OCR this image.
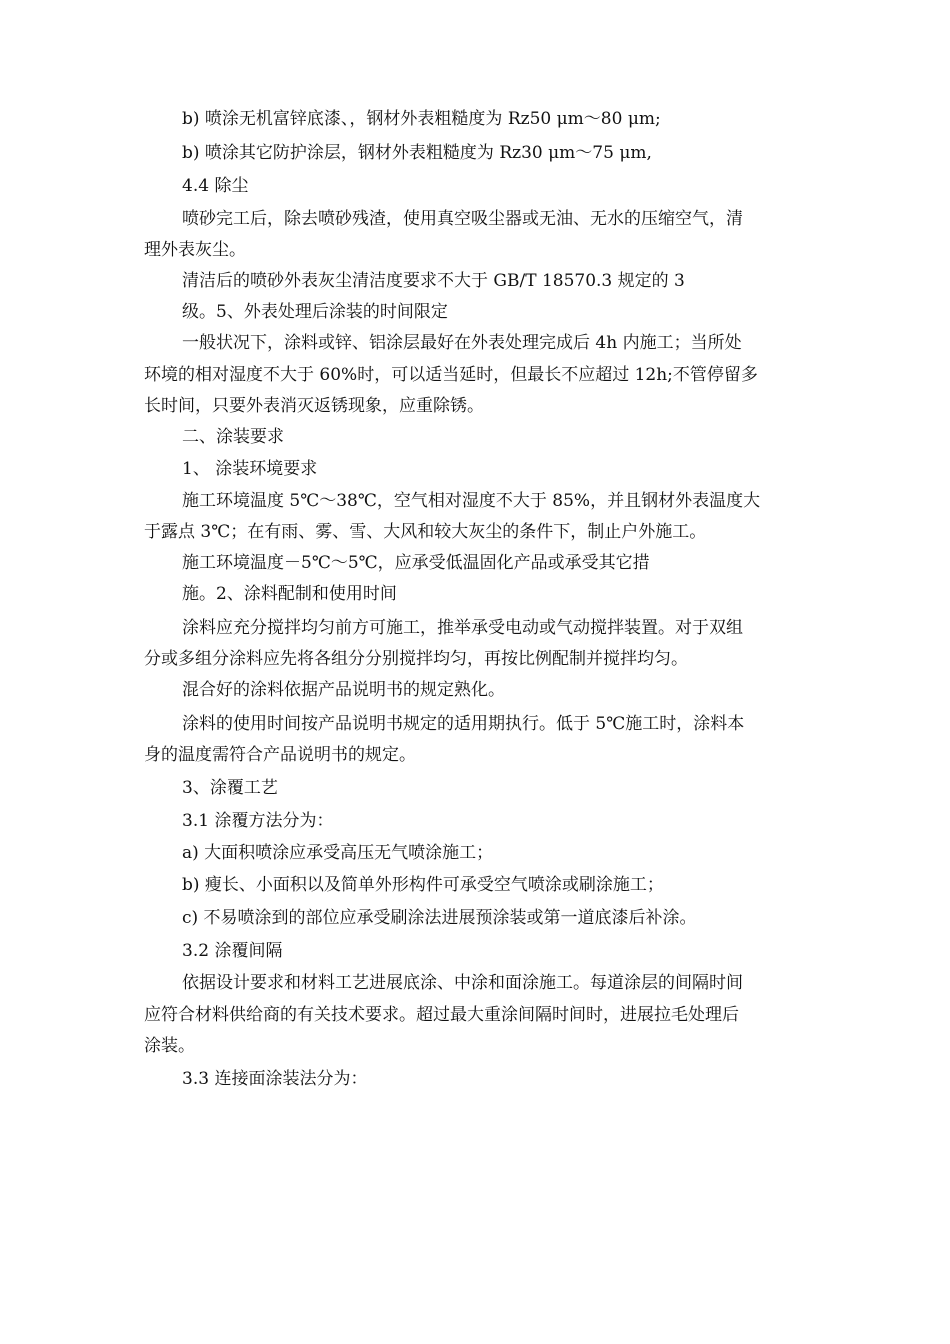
b) 喷涂无机富锌底漆、，钢材外表粗糙度为 Rz50 μm～80 μm;
b) 喷涂其它防护涂层，钢材外表粗糙度为 Rz30 μm～75 μm,
4.4 除尘
喷砂完工后，除去喷砂残渣，使用真空吸尘器或无油、无水的压缩空气，清
理外表灰尘。
清洁后的喷砂外表灰尘清洁度要求不大于 GB/T 18570.3 规定的 3
级。5、外表处理后涂装的时间限定
一般状况下，涂料或锌、铝涂层最好在外表处理完成后 4h 内施工；当所处
环境的相对湿度不大于 60%时，可以适当延时，但最长不应超过 12h;不管停留多
长时间，只要外表消灭返锈现象，应重除锈。
二、涂装要求
1、 涂装环境要求
施工环境温度 5℃～38℃，空气相对湿度不大于 85%，并且钢材外表温度大
于露点 3℃；在有雨、雾、雪、大风和较大灰尘的条件下，制止户外施工。
施工环境温度－5℃～5℃，应承受低温固化产品或承受其它措
施。2、涂料配制和使用时间
涂料应充分搅拌均匀前方可施工，推举承受电动或气动搅拌装置。对于双组
分或多组分涂料应先将各组分分别搅拌均匀，再按比例配制并搅拌均匀。
混合好的涂料依据产品说明书的规定熟化。
涂料的使用时间按产品说明书规定的适用期执行。低于 5℃施工时，涂料本
身的温度需符合产品说明书的规定。
3、涂覆工艺
3.1 涂覆方法分为：
a) 大面积喷涂应承受高压无气喷涂施工；
b) 瘦长、小面积以及简单外形构件可承受空气喷涂或刷涂施工；
c) 不易喷涂到的部位应承受刷涂法进展预涂装或第一道底漆后补涂。
3.2 涂覆间隔
依据设计要求和材料工艺进展底涂、中涂和面涂施工。每道涂层的间隔时间
应符合材料供给商的有关技术要求。超过最大重涂间隔时间时，进展拉毛处理后
涂装。
3.3 连接面涂装法分为：
